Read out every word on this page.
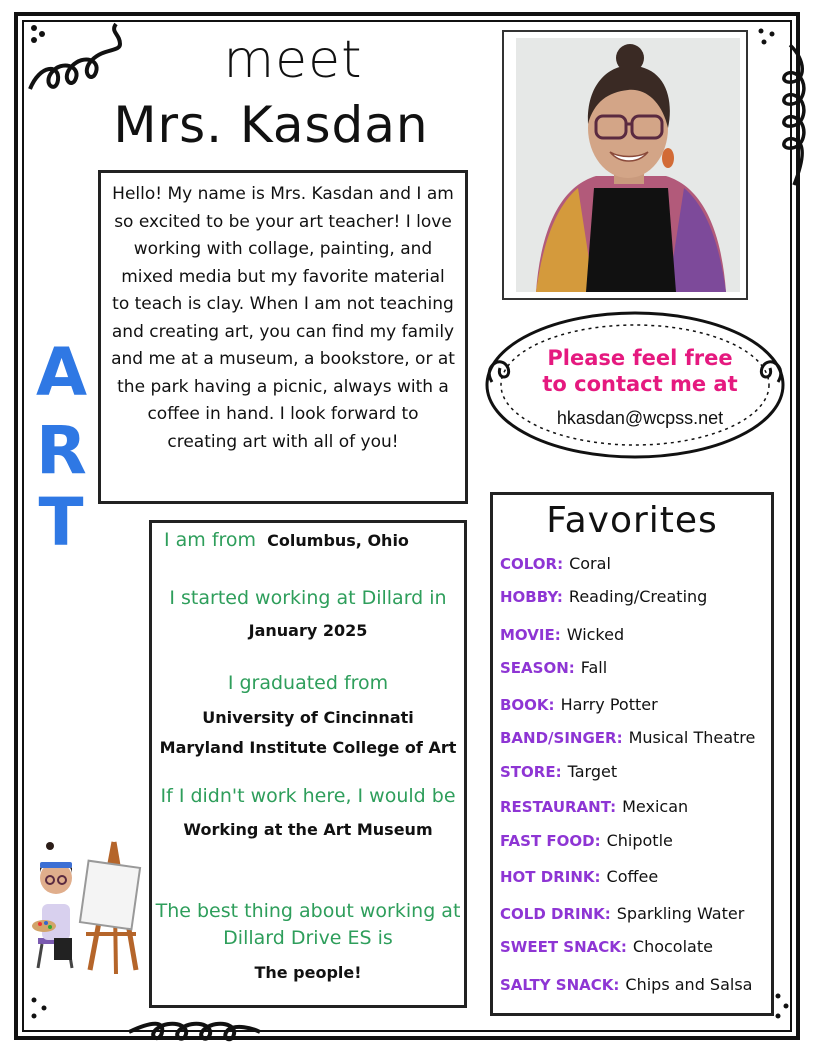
meet
Mrs. Kasdan
A
R
T
Hello! My name is Mrs. Kasdan and I am so excited to be your art teacher! I love working with collage, painting, and mixed media but my favorite material to teach is clay. When I am not teaching and creating art, you can find my family and me at a museum, a bookstore, or at the park having a picnic, always with a coffee in hand. I look forward to creating art with all of you!
Please feel free
to contact me at
hkasdan@wcpss.net
I am from Columbus, Ohio
I started working at Dillard in
January 2025
I graduated from
University of Cincinnati
Maryland Institute College of Art
If I didn't work here, I would be
Working at the Art Museum
The best thing about working at
Dillard Drive ES is
The people!
Favorites
COLOR: Coral
HOBBY: Reading/Creating
MOVIE: Wicked
SEASON: Fall
BOOK: Harry Potter
BAND/SINGER: Musical Theatre
STORE: Target
RESTAURANT: Mexican
FAST FOOD: Chipotle
HOT DRINK: Coffee
COLD DRINK: Sparkling Water
SWEET SNACK: Chocolate
SALTY SNACK: Chips and Salsa
